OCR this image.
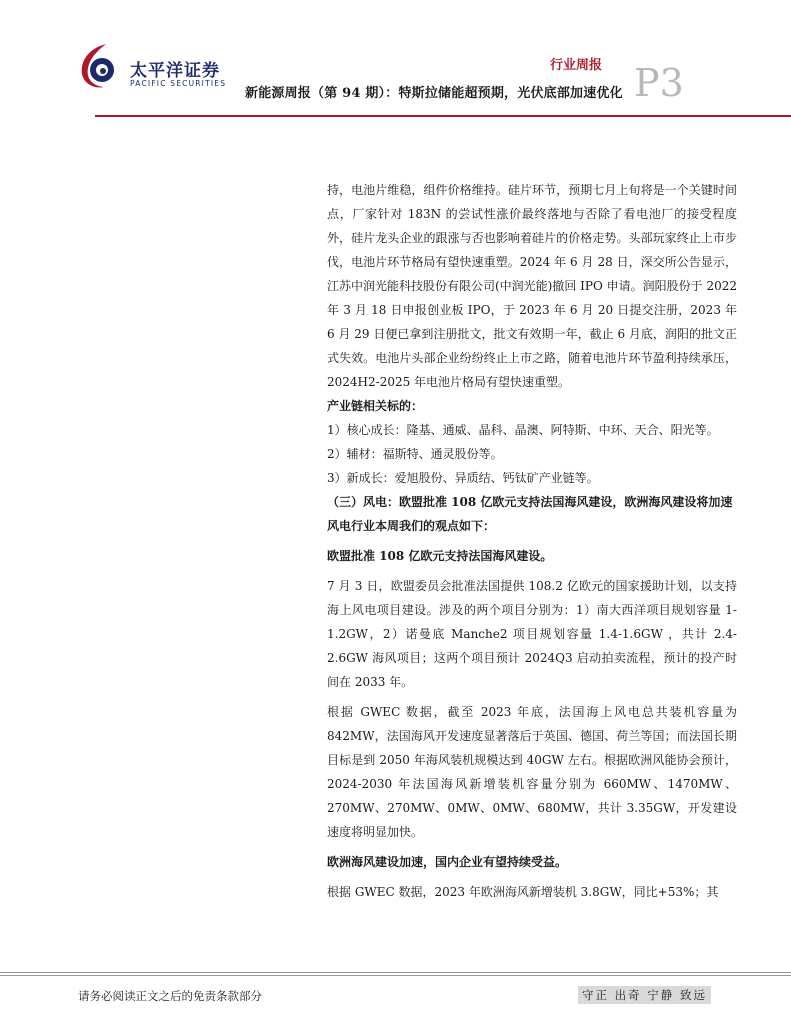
太平洋证券
PACIFIC SECURITIES
行业周报
新能源周报（第 94 期）：特斯拉储能超预期，光伏底部加速优化 P3

持，电池片维稳，组件价格维持。硅片环节，预期七月上旬将是一个关键时间点，厂家针对 183N 的尝试性涨价最终落地与否除了看电池厂的接受程度外，硅片龙头企业的跟涨与否也影响着硅片的价格走势。头部玩家终止上市步伐，电池片环节格局有望快速重塑。2024 年 6 月 28 日，深交所公告显示，江苏中润光能科技股份有限公司(中润光能)撤回 IPO 申请。润阳股份于 2022 年 3 月 18 日申报创业板 IPO，于 2023 年 6 月 20 日提交注册，2023 年 6 月 29 日便已拿到注册批文，批文有效期一年，截止 6 月底，润阳的批文正式失效。电池片头部企业纷纷终止上市之路，随着电池片环节盈利持续承压，2024H2-2025 年电池片格局有望快速重塑。

产业链相关标的：

1）核心成长：隆基、通威、晶科、晶澳、阿特斯、中环、天合、阳光等。

2）辅材：福斯特、通灵股份等。

3）新成长：爱旭股份、异质结、钙钛矿产业链等。

（三）风电：欧盟批准 108 亿欧元支持法国海风建设，欧洲海风建设将加速

风电行业本周我们的观点如下：

欧盟批准 108 亿欧元支持法国海风建设。

7 月 3 日，欧盟委员会批准法国提供 108.2 亿欧元的国家援助计划，以支持海上风电项目建设。涉及的两个项目分别为：1）南大西洋项目规划容量 1-1.2GW，2）诺曼底 Manche2 项目规划容量 1.4-1.6GW ，共计 2.4-2.6GW 海风项目；这两个项目预计 2024Q3 启动拍卖流程，预计的投产时间在 2033 年。

根据 GWEC 数据，截至 2023 年底，法国海上风电总共装机容量为 842MW，法国海风开发速度显著落后于英国、德国、荷兰等国；而法国长期目标是到 2050 年海风装机规模达到 40GW 左右。根据欧洲风能协会预计，2024-2030 年法国海风新增装机容量分别为 660MW、1470MW、270MW、270MW、0MW、0MW、680MW，共计 3.35GW，开发建设速度将明显加快。

欧洲海风建设加速，国内企业有望持续受益。

根据 GWEC 数据，2023 年欧洲海风新增装机 3.8GW，同比+53%；其

请务必阅读正文之后的免责条款部分	守正 出奇 宁静 致远
